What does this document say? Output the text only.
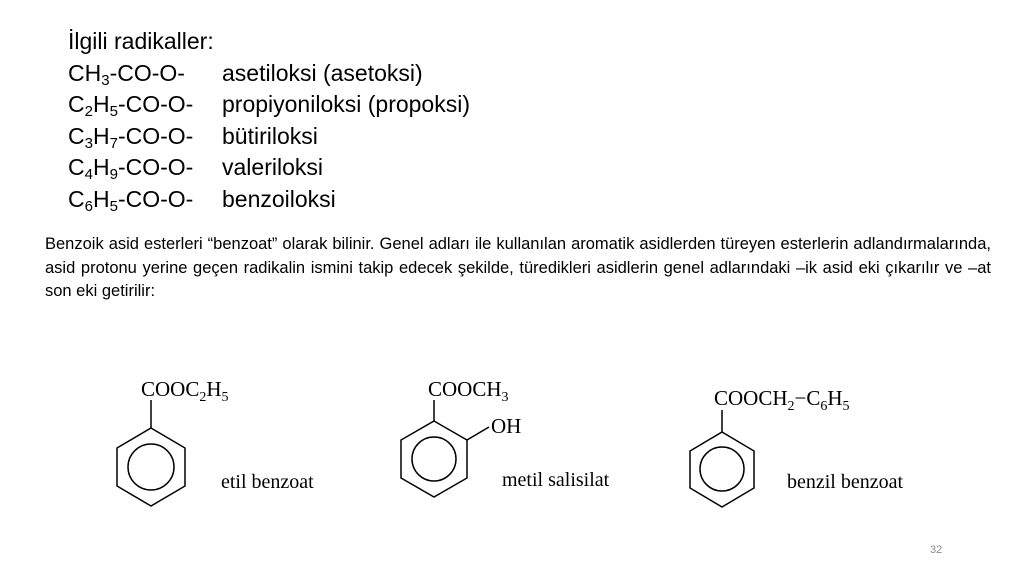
İlgili radikaller:
$CH_3-CO-O-$	asetiloksi (asetoksi)
$C_2H_5-CO-O-$	propiyoniloksi (propoksi)
$C_3H_7-CO-O-$	bütiriloksi
$C_4H_9-CO-O-$	valeriloksi
$C_6H_5-CO-O-$	benzoiloksi

Benzoik asid esterleri “benzoat” olarak bilinir. Genel adları ile kullanılan aromatik asidlerden türeyen esterlerin adlandırmalarında, asid protonu yerine geçen radikalin ismini takip edecek şekilde, türedikleri asidlerin genel adlarındaki –ik asid eki çıkarılır ve –at son eki getirilir:

$COOC_2H_5$
etil benzoat
$COOCH_3$
OH
metil salisilat
$COOCH_2-C_6H_5$
benzil benzoat
32
